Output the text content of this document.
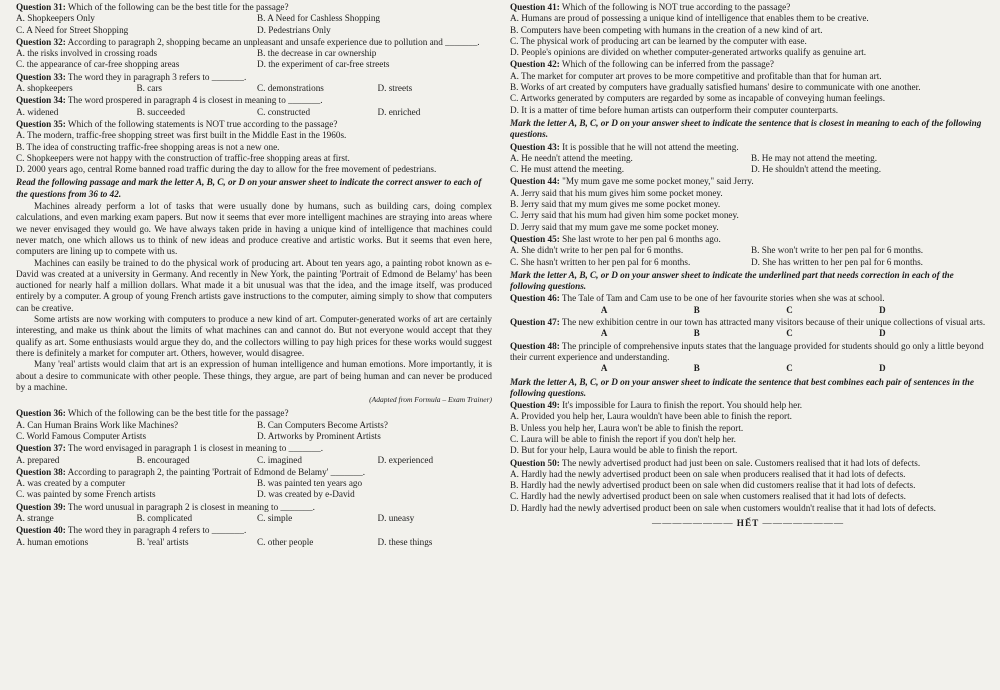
Question 31: Which of the following can be the best title for the passage?
A. Shopkeepers Only	B. A Need for Cashless Shopping
C. A Need for Street Shopping	D. Pedestrians Only
Question 32: According to paragraph 2, shopping became an unpleasant and unsafe experience due to pollution and _______.
A. the risks involved in crossing roads	B. the decrease in car ownership
C. the appearance of car-free shopping areas	D. the experiment of car-free streets
Question 33: The word they in paragraph 3 refers to _______.
A. shopkeepers	B. cars	C. demonstrations	D. streets
Question 34: The word prospered in paragraph 4 is closest in meaning to _______.
A. widened	B. succeeded	C. constructed	D. enriched
Question 35: Which of the following statements is NOT true according to the passage?
A. The modern, traffic-free shopping street was first built in the Middle East in the 1960s.
B. The idea of constructing traffic-free shopping areas is not a new one.
C. Shopkeepers were not happy with the construction of traffic-free shopping areas at first.
D. 2000 years ago, central Rome banned road traffic during the day to allow for the free movement of pedestrians.
Read the following passage and mark the letter A, B, C, or D on your answer sheet to indicate the correct answer to each of the questions from 36 to 42.

Machines already perform a lot of tasks that were usually done by humans, such as building cars, doing complex calculations, and even marking exam papers. But now it seems that ever more intelligent machines are straying into areas where we never envisaged they would go. We have always taken pride in having a unique kind of intelligence that machines could never match, one which allows us to think of new ideas and produce creative and artistic works. But it seems that even here, computers are lining up to compete with us.

Machines can easily be trained to do the physical work of producing art. About ten years ago, a painting robot known as e-David was created at a university in Germany. And recently in New York, the painting 'Portrait of Edmond de Belamy' has been auctioned for nearly half a million dollars. What made it a bit unusual was that the idea, and the image itself, was produced entirely by a computer. A group of young French artists gave instructions to the computer, aiming simply to show that computers can be creative.

Some artists are now working with computers to produce a new kind of art. Computer-generated works of art are certainly interesting, and make us think about the limits of what machines can and cannot do. But not everyone would accept that they qualify as art. Some enthusiasts would argue they do, and the collectors willing to pay high prices for these works would suggest there is definitely a market for computer art. Others, however, would disagree.

Many 'real' artists would claim that art is an expression of human intelligence and human emotions. More importantly, it is about a desire to communicate with other people. These things, they argue, are part of being human and can never be produced by a machine.

(Adapted from Formula – Exam Trainer)
Question 36: Which of the following can be the best title for the passage?
A. Can Human Brains Work like Machines?	B. Can Computers Become Artists?
C. World Famous Computer Artists	D. Artworks by Prominent Artists
Question 37: The word envisaged in paragraph 1 is closest in meaning to _______.
A. prepared	B. encouraged	C. imagined	D. experienced
Question 38: According to paragraph 2, the painting 'Portrait of Edmond de Belamy' _______.
A. was created by a computer	B. was painted ten years ago
C. was painted by some French artists	D. was created by e-David
Question 39: The word unusual in paragraph 2 is closest in meaning to _______.
A. strange	B. complicated	C. simple	D. uneasy
Question 40: The word they in paragraph 4 refers to _______.
A. human emotions	B. 'real' artists	C. other people	D. these things
Question 41: Which of the following is NOT true according to the passage?
A. Humans are proud of possessing a unique kind of intelligence that enables them to be creative.
B. Computers have been competing with humans in the creation of a new kind of art.
C. The physical work of producing art can be learned by the computer with ease.
D. People's opinions are divided on whether computer-generated artworks qualify as genuine art.
Question 42: Which of the following can be inferred from the passage?
A. The market for computer art proves to be more competitive and profitable than that for human art.
B. Works of art created by computers have gradually satisfied humans' desire to communicate with one another.
C. Artworks generated by computers are regarded by some as incapable of conveying human feelings.
D. It is a matter of time before human artists can outperform their computer counterparts.
Mark the letter A, B, C, or D on your answer sheet to indicate the sentence that is closest in meaning to each of the following questions.
Question 43: It is possible that he will not attend the meeting.
A. He needn't attend the meeting.	B. He may not attend the meeting.
C. He must attend the meeting.	D. He shouldn't attend the meeting.
Question 44: "My mum gave me some pocket money," said Jerry.
A. Jerry said that his mum gives him some pocket money.
B. Jerry said that my mum gives me some pocket money.
C. Jerry said that his mum had given him some pocket money.
D. Jerry said that my mum gave me some pocket money.
Question 45: She last wrote to her pen pal 6 months ago.
A. She didn't write to her pen pal for 6 months.	B. She won't write to her pen pal for 6 months.
C. She hasn't written to her pen pal for 6 months.	D. She has written to her pen pal for 6 months.
Mark the letter A, B, C, or D on your answer sheet to indicate the underlined part that needs correction in each of the following questions.
Question 46: The Tale of Tam and Cam use to be one of her favourite stories when she was at school.
A	B	C	D
Question 47: The new exhibition centre in our town has attracted many visitors because of their unique collections of visual arts.
A	B	C	D
Question 48: The principle of comprehensive inputs states that the language provided for students should go only a little beyond their current experience and understanding.
A	B	C	D
Mark the letter A, B, C, or D on your answer sheet to indicate the sentence that best combines each pair of sentences in the following questions.
Question 49: It's impossible for Laura to finish the report. You should help her.
A. Provided you help her, Laura wouldn't have been able to finish the report.
B. Unless you help her, Laura won't be able to finish the report.
C. Laura will be able to finish the report if you don't help her.
D. But for your help, Laura would be able to finish the report.
Question 50: The newly advertised product had just been on sale. Customers realised that it had lots of defects.
A. Hardly had the newly advertised product been on sale when producers realised that it had lots of defects.
B. Hardly had the newly advertised product been on sale when did customers realise that it had lots of defects.
C. Hardly had the newly advertised product been on sale when customers realised that it had lots of defects.
D. Hardly had the newly advertised product been on sale when customers wouldn't realise that it had lots of defects.
———————— HẾT ————————
